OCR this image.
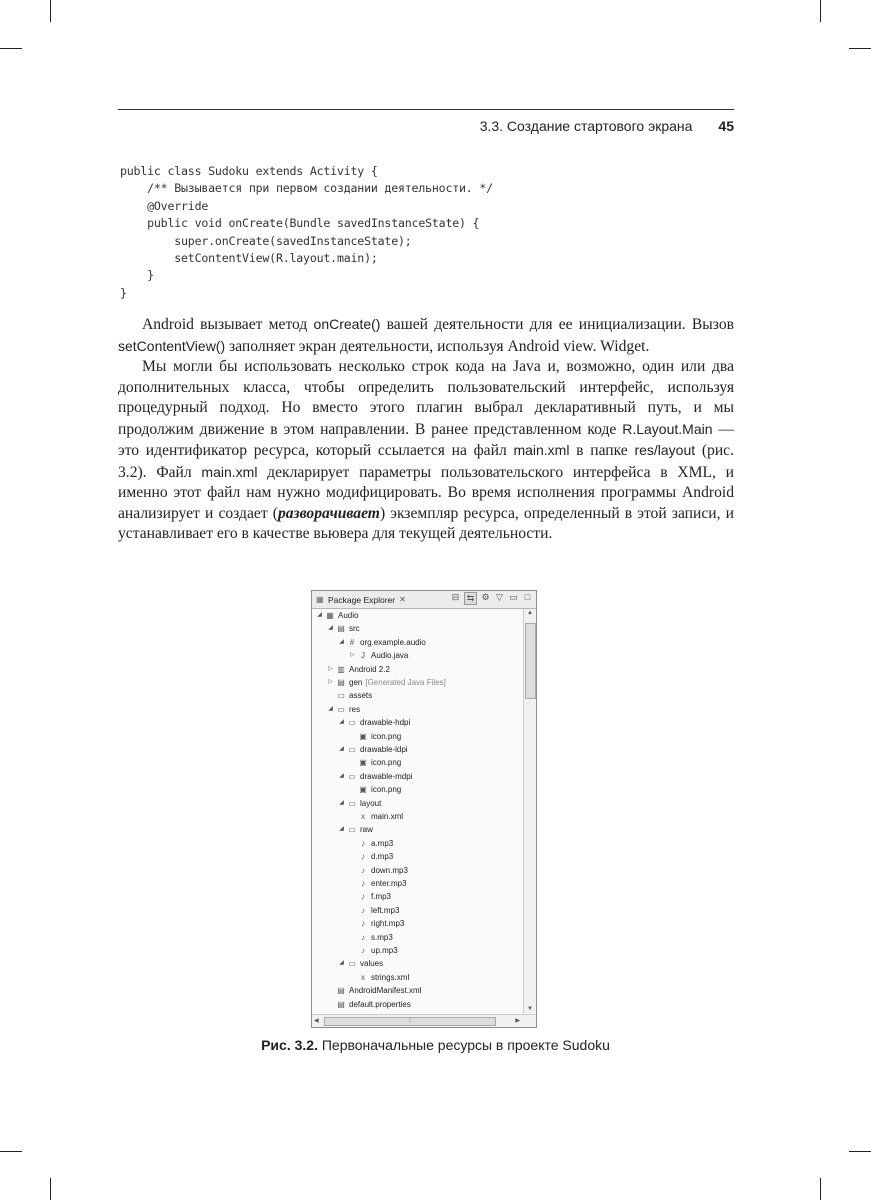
3.3. Создание стартового экрана 45
public class Sudoku extends Activity {
/** Вызывается при первом создании деятельности. */
@Override
public void onCreate(Bundle savedInstanceState) {
super.onCreate(savedInstanceState);
setContentView(R.layout.main);
}
}

Android вызывает метод onCreate() вашей деятельности для ее инициализации. Вызов setContentView() заполняет экран деятельности, используя Android view. Widget.

Мы могли бы использовать несколько строк кода на Java и, возможно, один или два дополнительных класса, чтобы определить пользовательский интерфейс, используя процедурный подход. Но вместо этого плагин выбрал декларативный путь, и мы продолжим движение в этом направлении. В ранее представленном коде R.Layout.Main — это идентификатор ресурса, который ссылается на файл main.xml в папке res/layout (рис. 3.2). Файл main.xml декларирует параметры пользовательского интерфейса в XML, и именно этот файл нам нужно модифицировать. Во время исполнения программы Android анализирует и создает (разворачивает) экземпляр ресурса, определенный в этой записи, и устанавливает его в качестве вьювера для текущей деятельности.

▦ Package Explorer ✕	⊟ ⇆ ⚙ ▽ ▭ □
◢ ▦ Audio
◢ ▤ src
◢ # org.example.audio
▷ J Audio.java
▷ ▥ Android 2.2
▷ ▤ gen [Generated Java Files]
▭ assets
◢ ▭ res
◢ ▭ drawable-hdpi
▣ icon.png
◢ ▭ drawable-ldpi
▣ icon.png
◢ ▭ drawable-mdpi
▣ icon.png
◢ ▭ layout
x main.xml
◢ ▭ raw
♪ a.mp3
♪ d.mp3
♪ down.mp3
♪ enter.mp3
♪ f.mp3
♪ left.mp3
♪ right.mp3
♪ s.mp3
♪ up.mp3
◢ ▭ values
x strings.xml
▤ AndroidManifest.xml
▤ default.properties
▲
▼
◀	⁞	▶
Рис. 3.2. Первоначальные ресурсы в проекте Sudoku
